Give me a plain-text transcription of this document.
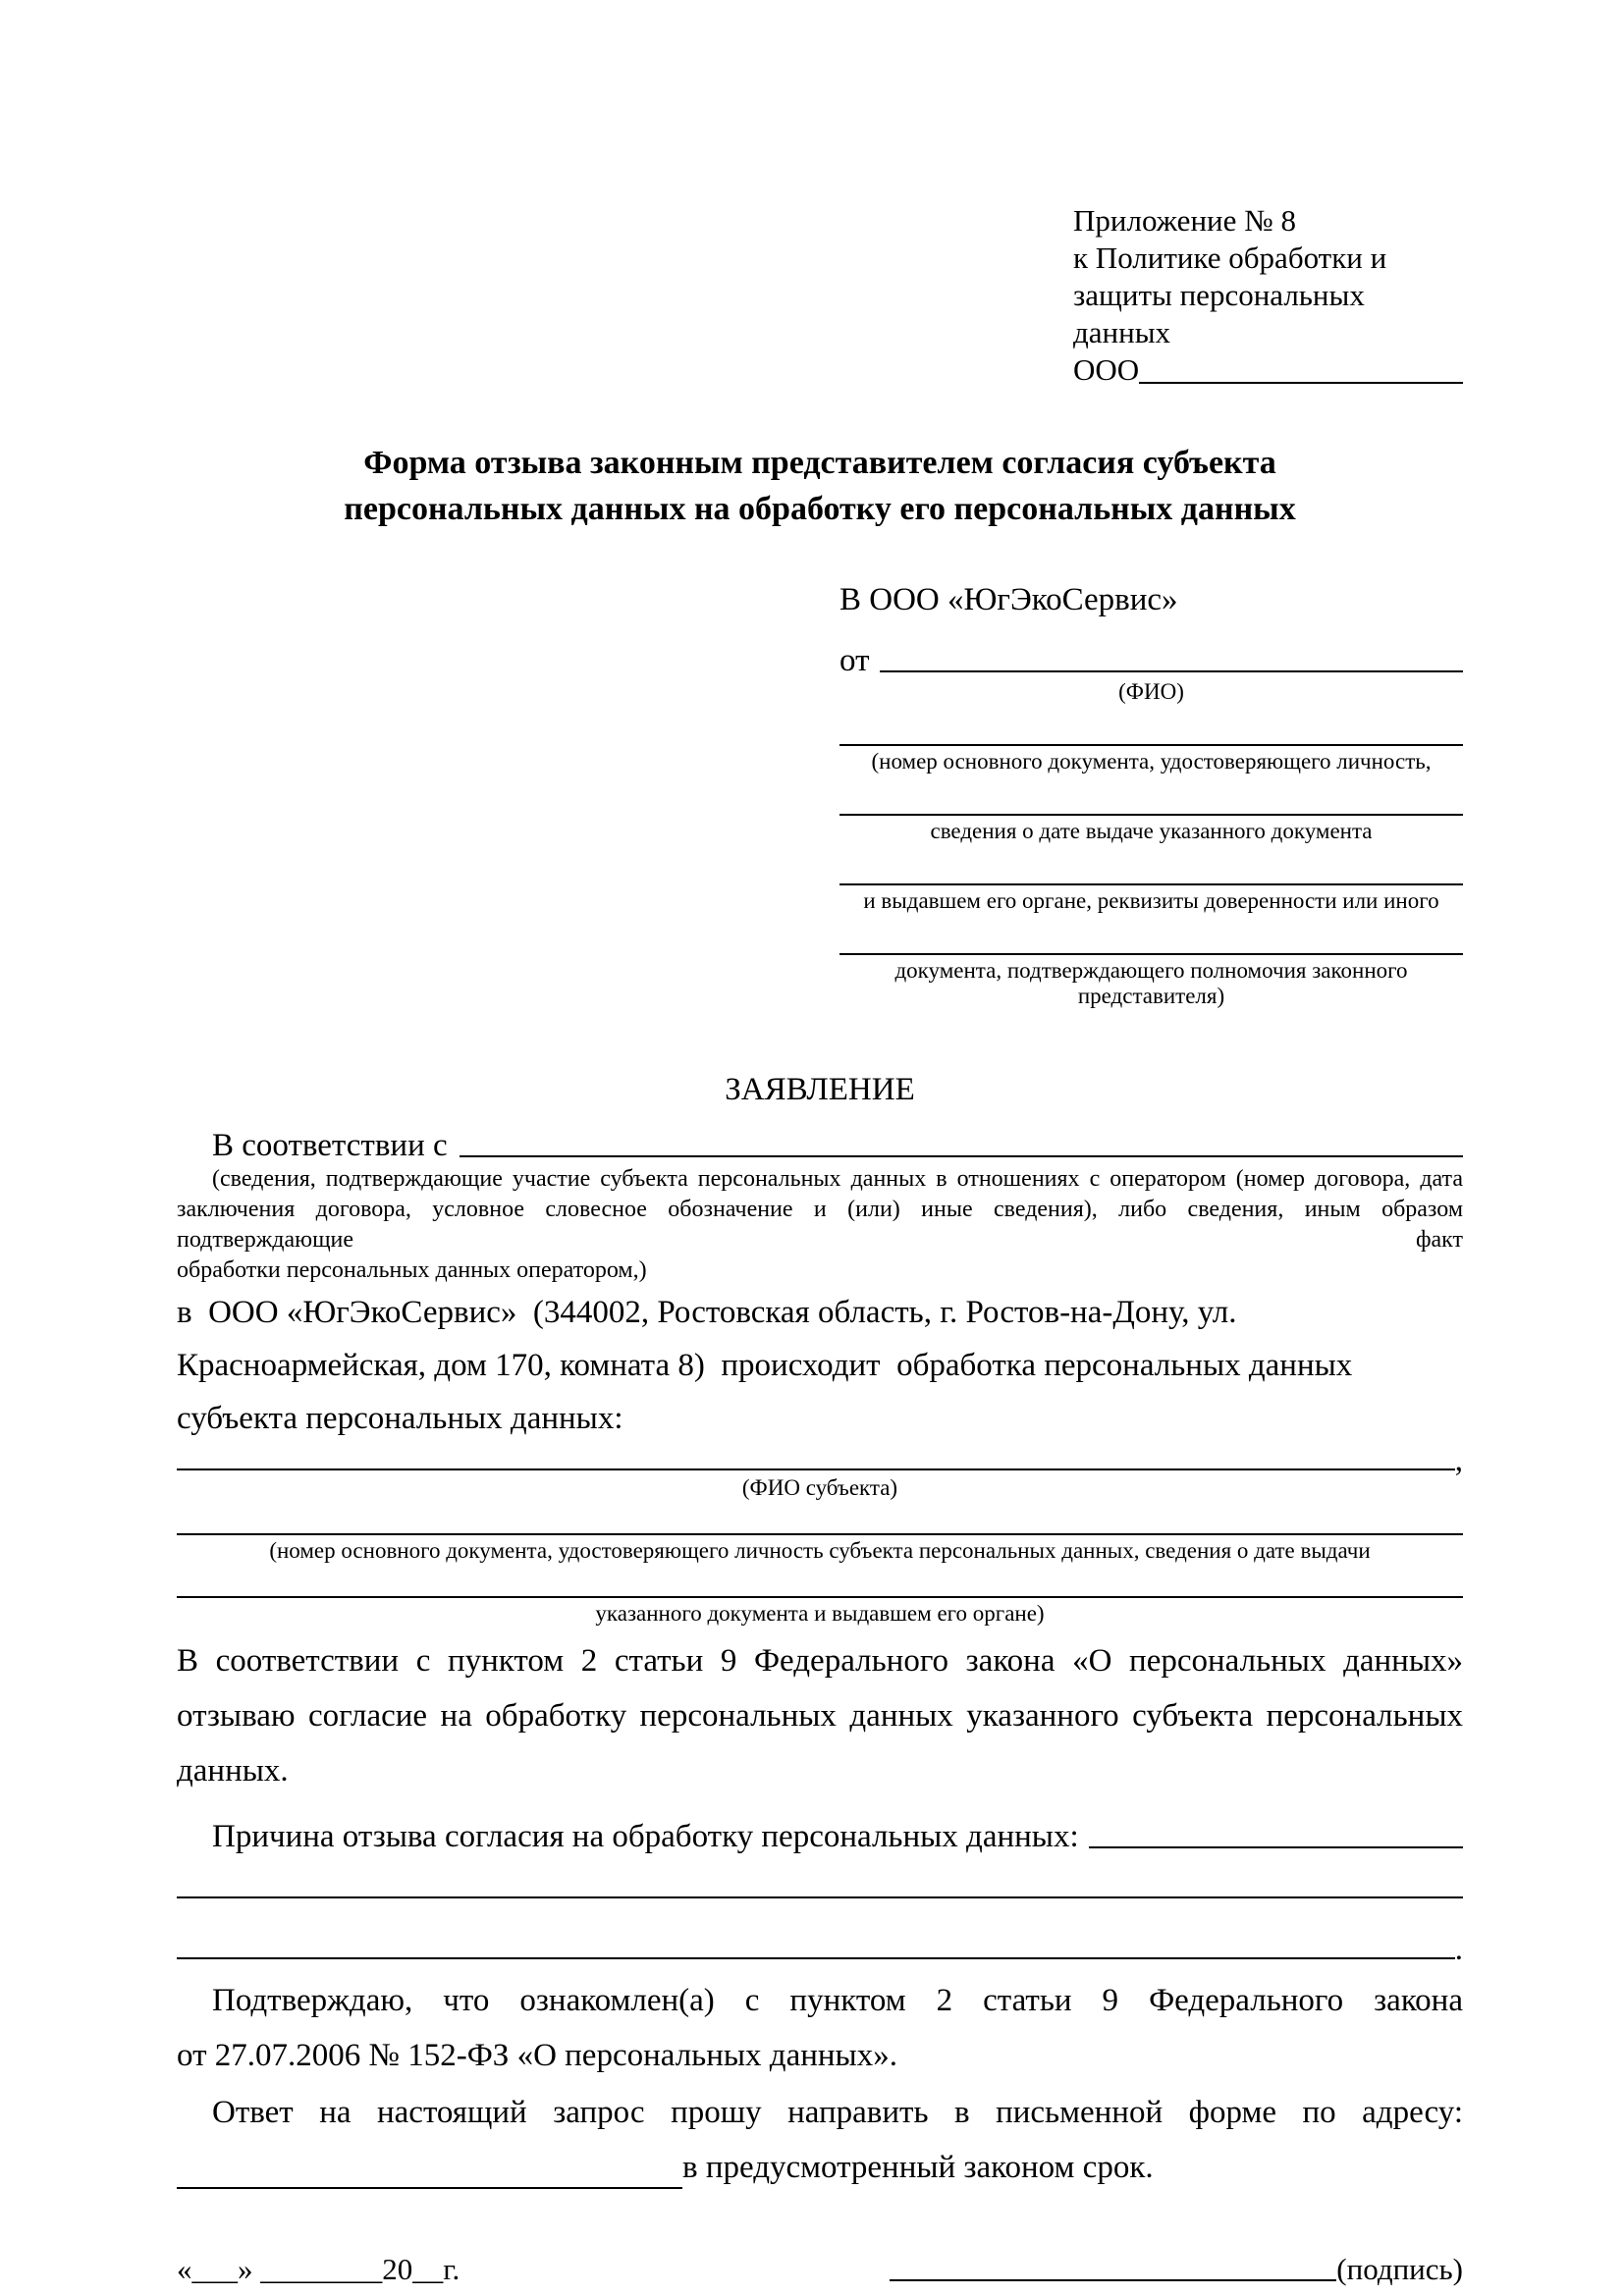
Приложение № 8
к Политике обработки и
защиты персональных данных
ООО
Форма отзыва законным представителем согласия субъекта
персональных данных на обработку его персональных данных
В ООО «ЮгЭкоСервис»
от
(ФИО)
(номер основного документа, удостоверяющего личность,
сведения о дате выдаче указанного документа
и выдавшем его органе, реквизиты доверенности или иного
документа, подтверждающего полномочия законного представителя)
ЗАЯВЛЕНИЕ
В соответствии с
(сведения, подтверждающие участие субъекта персональных данных в отношениях с оператором (номер договора, дата
заключения договора, условное словесное обозначение и (или) иные сведения), либо сведения, иным образом подтверждающие факт
обработки персональных данных оператором,)
в  ООО «ЮгЭкоСервис»  (344002, Ростовская область, г. Ростов-на-Дону, ул.
Красноармейская, дом 170, комната 8)  происходит  обработка персональных данных
субъекта персональных данных:
,
(ФИО субъекта)
(номер основного документа, удостоверяющего личность субъекта персональных данных, сведения о дате выдачи
указанного документа и выдавшем его органе)
В соответствии с пунктом 2 статьи 9 Федерального закона «О персональных данных»
отзываю согласие на обработку персональных данных указанного субъекта персональных
данных.
Причина отзыва согласия на обработку персональных данных:
.
Подтверждаю, что ознакомлен(а) с пунктом 2 статьи 9 Федерального закона
от 27.07.2006 № 152-ФЗ «О персональных данных».
Ответ на настоящий запрос прошу направить в письменной форме по адресу:
в предусмотренный законом срок.
«___» ________20__г.	(подпись)
